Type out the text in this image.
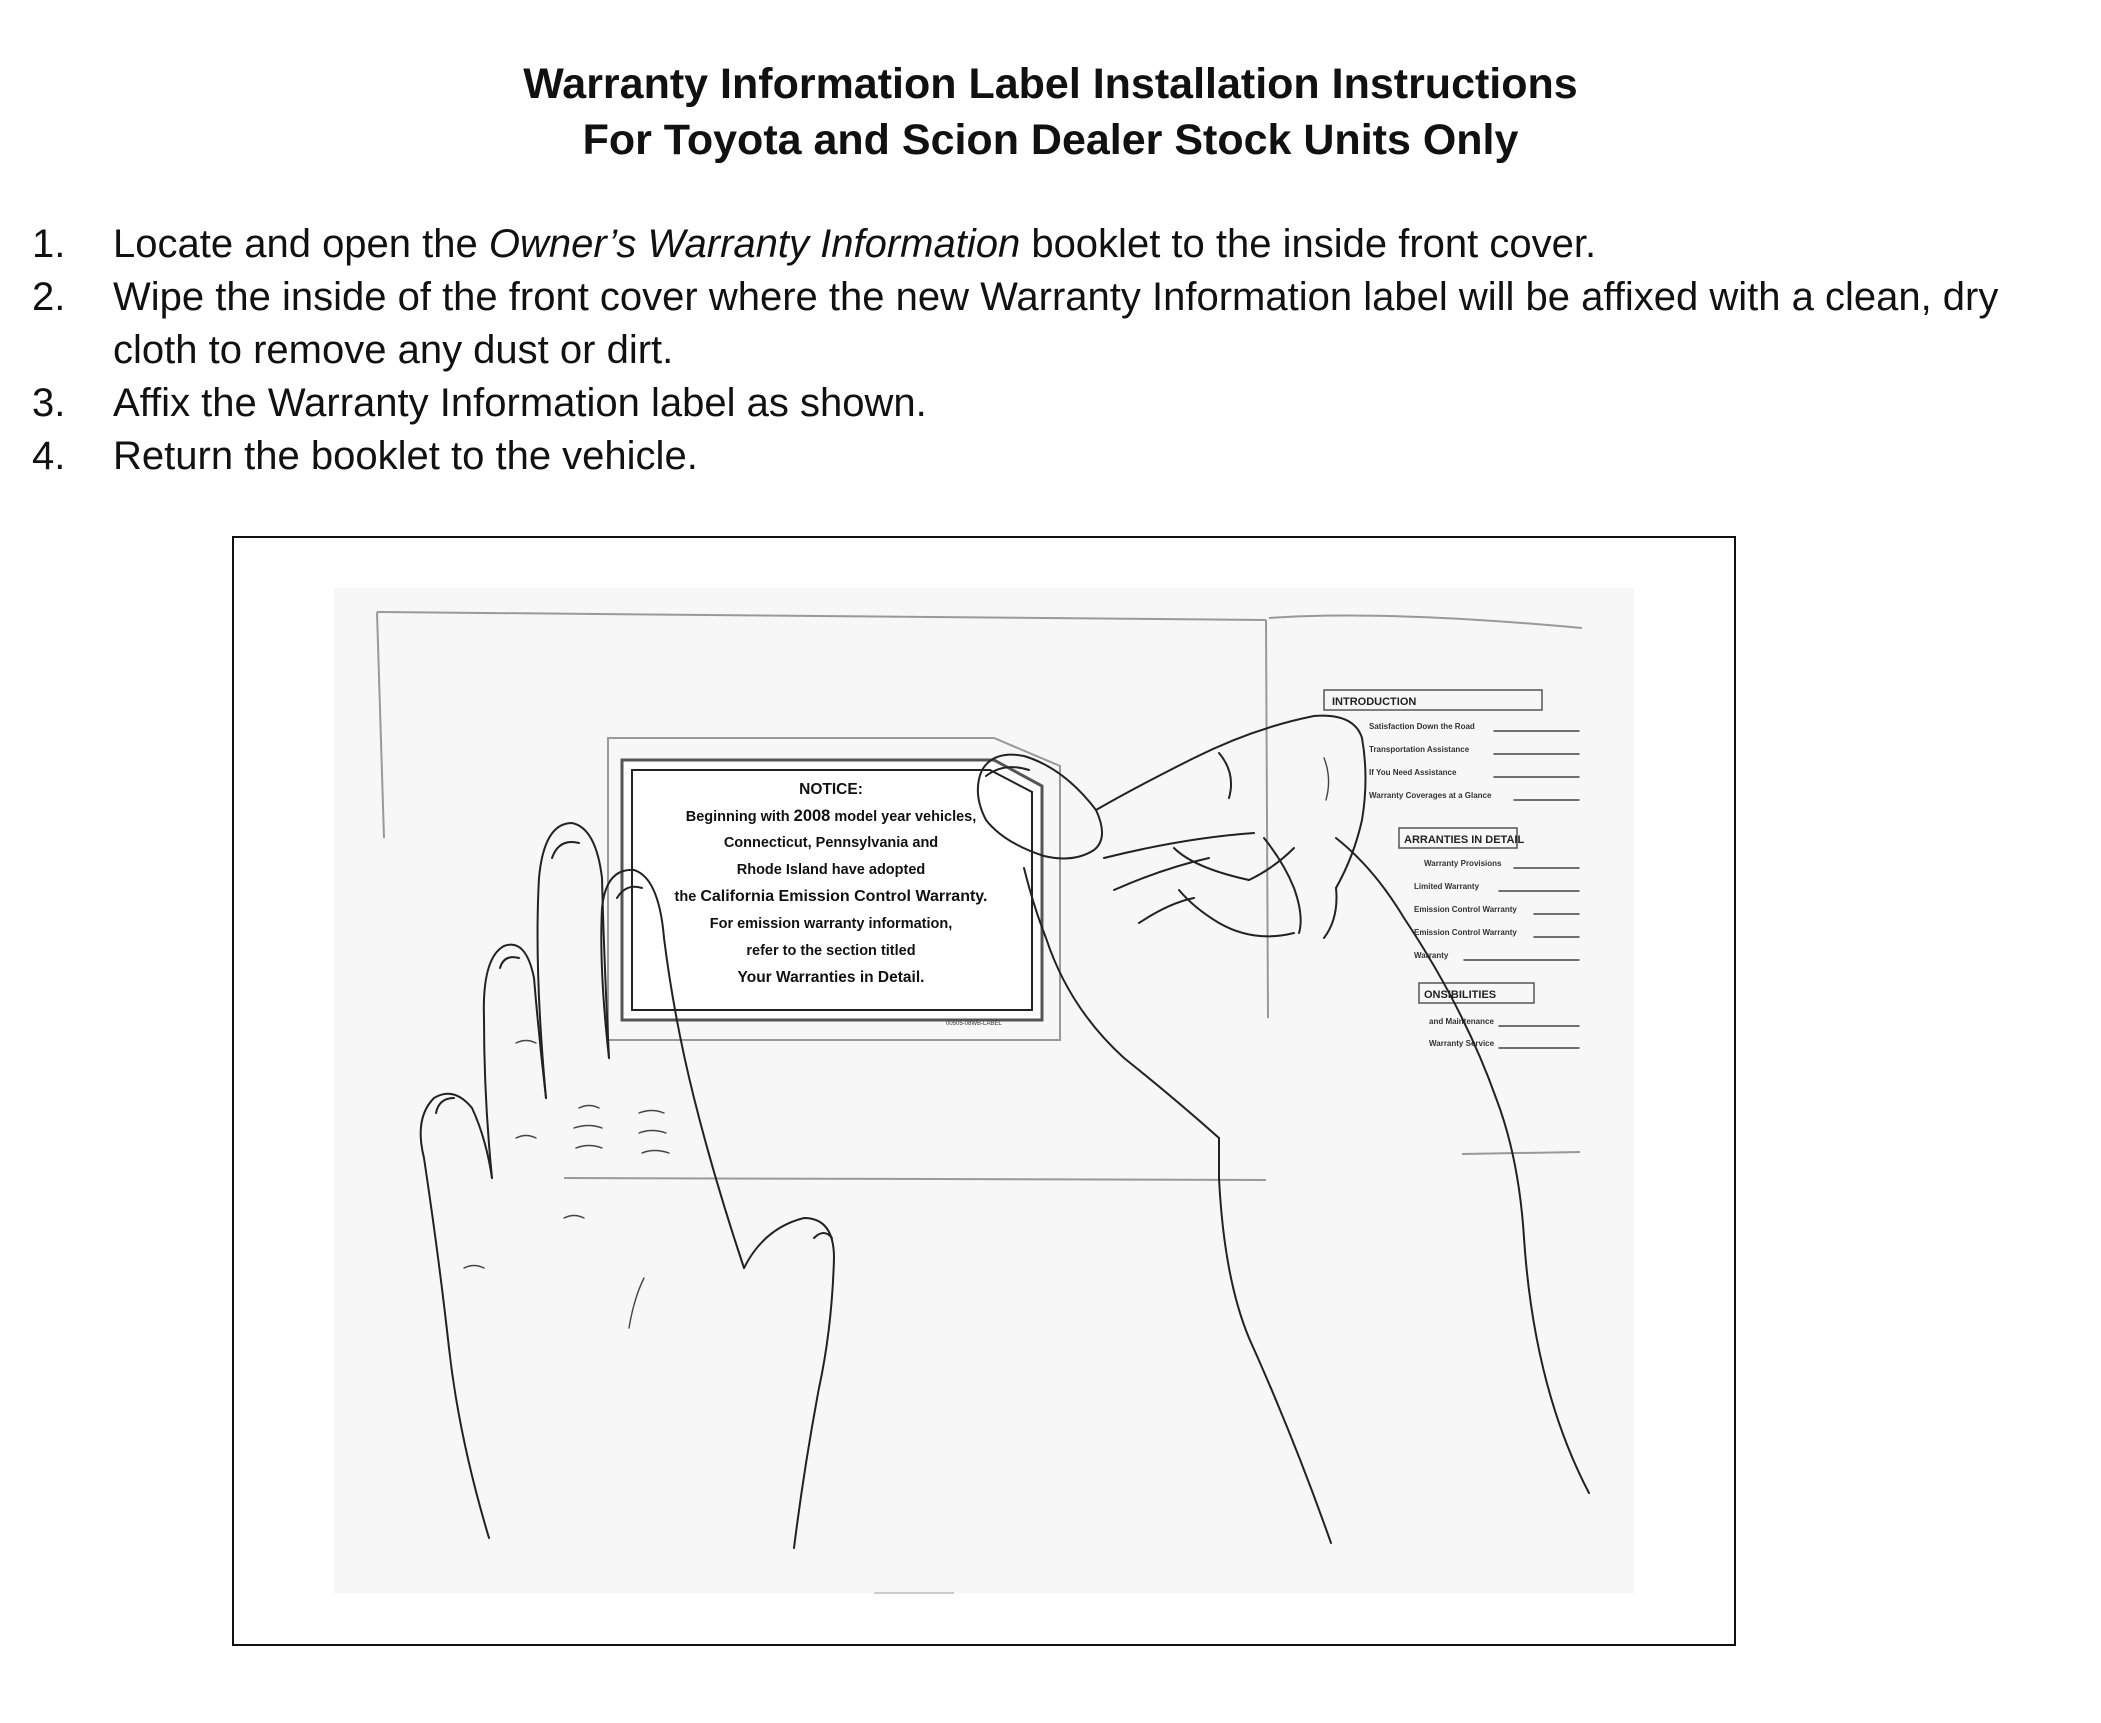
Warranty Information Label Installation Instructions

For Toyota and Scion Dealer Stock Units Only

1. Locate and open the Owner’s Warranty Information booklet to the inside front cover.
2. Wipe the inside of the front cover where the new Warranty Information label will be affixed with a clean, dry cloth to remove any dust or dirt.
3. Affix the Warranty Information label as shown.
4. Return the booklet to the vehicle.
INTRODUCTION
Satisfaction Down the Road
Transportation Assistance
If You Need Assistance
Warranty Coverages at a Glance
ARRANTIES IN DETAIL
Warranty Provisions
Limited Warranty
Emission Control Warranty
Emission Control Warranty
Warranty
ONSIBILITIES
and Maintenance
Warranty Service
NOTICE:
Beginning with 2008 model year vehicles,
Connecticut, Pennsylvania and
Rhode Island have adopted
the California Emission Control Warranty.
For emission warranty information,
refer to the section titled
Your Warranties in Detail.
00505-08WB-LABEL
